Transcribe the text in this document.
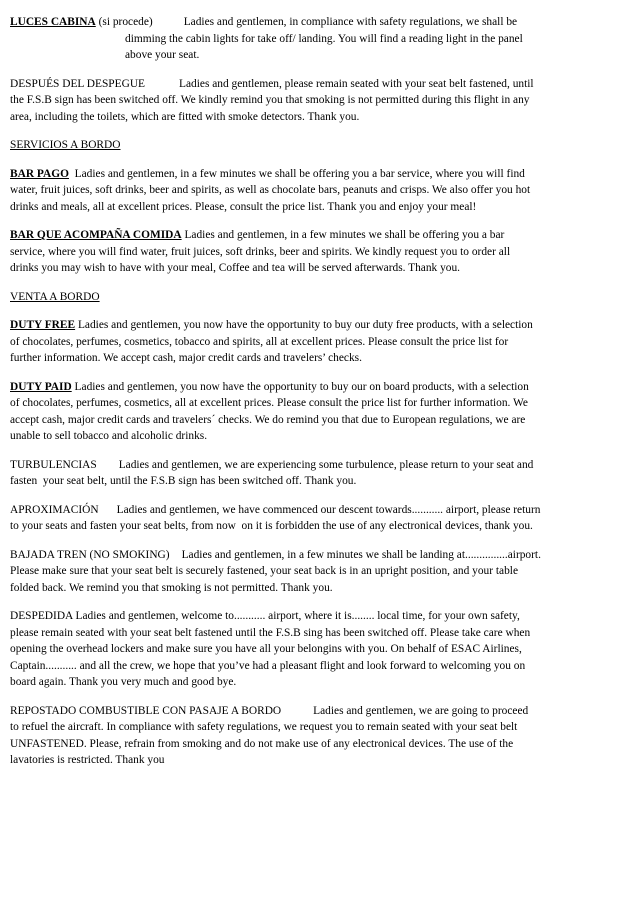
LUCES CABINA (si procede)	Ladies and gentlemen, in compliance with safety regulations, we shall be
dimming the cabin lights for take off/ landing. You will find a reading light in the panel
above your seat.

DESPUÉS DEL DESPEGUE	Ladies and gentlemen, please remain seated with your seat belt fastened, until
the F.S.B sign has been switched off. We kindly remind you that smoking is not permitted during this flight in any
area, including the toilets, which are fitted with smoke detectors. Thank you.

SERVICIOS A BORDO

BAR PAGO  Ladies and gentlemen, in a few minutes we shall be offering you a bar service, where you will find
water, fruit juices, soft drinks, beer and spirits, as well as chocolate bars, peanuts and crisps. We also offer you hot
drinks and meals, all at excellent prices. Please, consult the price list. Thank you and enjoy your meal!

BAR QUE ACOMPAÑA COMIDA Ladies and gentlemen, in a few minutes we shall be offering you a bar
service, where you will find water, fruit juices, soft drinks, beer and spirits. We kindly request you to order all
drinks you may wish to have with your meal, Coffee and tea will be served afterwards. Thank you.

VENTA A BORDO

DUTY FREE Ladies and gentlemen, you now have the opportunity to buy our duty free products, with a selection
of chocolates, perfumes, cosmetics, tobacco and spirits, all at excellent prices. Please consult the price list for
further information. We accept cash, major credit cards and travelers’ checks.

DUTY PAID Ladies and gentlemen, you now have the opportunity to buy our on board products, with a selection
of chocolates, perfumes, cosmetics, all at excellent prices. Please consult the price list for further information. We
accept cash, major credit cards and travelers´ checks. We do remind you that due to European regulations, we are
unable to sell tobacco and alcoholic drinks.

TURBULENCIAS Ladies and gentlemen, we are experiencing some turbulence, please return to your seat and
fasten  your seat belt, until the F.S.B sign has been switched off. Thank you.

APROXIMACIÓN Ladies and gentlemen, we have commenced our descent towards........... airport, please return
to your seats and fasten your seat belts, from now  on it is forbidden the use of any electronical devices, thank you.

BAJADA TREN (NO SMOKING) Ladies and gentlemen, in a few minutes we shall be landing at...............airport.
Please make sure that your seat belt is securely fastened, your seat back is in an upright position, and your table
folded back. We remind you that smoking is not permitted. Thank you.

DESPEDIDA Ladies and gentlemen, welcome to........... airport, where it is........ local time, for your own safety,
please remain seated with your seat belt fastened until the F.S.B sing has been switched off. Please take care when
opening the overhead lockers and make sure you have all your belongins with you. On behalf of ESAC Airlines,
Captain........... and all the crew, we hope that you’ve had a pleasant flight and look forward to welcoming you on
board again. Thank you very much and good bye.

REPOSTADO COMBUSTIBLE CON PASAJE A BORDO	Ladies and gentlemen, we are going to proceed
to refuel the aircraft. In compliance with safety regulations, we request you to remain seated with your seat belt
UNFASTENED. Please, refrain from smoking and do not make use of any electronical devices. The use of the
lavatories is restricted. Thank you
